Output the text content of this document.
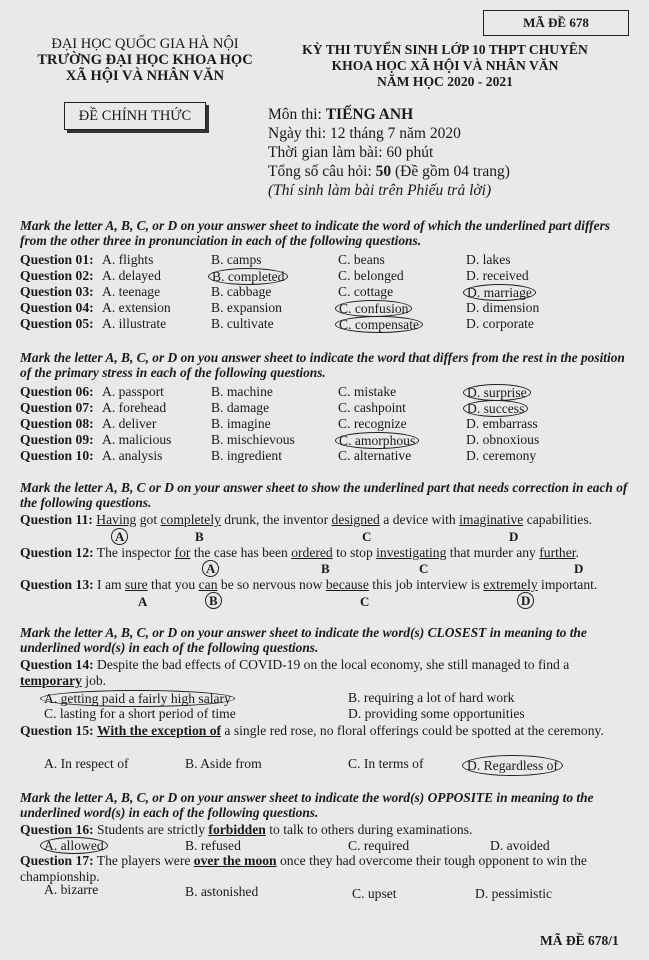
MÃ ĐỀ 678
ĐẠI HỌC QUỐC GIA HÀ NỘI
TRƯỜNG ĐẠI HỌC KHOA HỌC
XÃ HỘI VÀ NHÂN VĂN
KỲ THI TUYỂN SINH LỚP 10 THPT CHUYÊN
KHOA HỌC XÃ HỘI VÀ NHÂN VĂN
NĂM HỌC 2020 - 2021
ĐỀ CHÍNH THỨC	Môn thi: TIẾNG ANH
Ngày thi: 12 tháng 7 năm 2020
Thời gian làm bài: 60 phút
Tổng số câu hỏi: 50 (Đề gồm 04 trang)
(Thí sinh làm bài trên Phiếu trả lời)
Mark the letter A, B, C, or D on your answer sheet to indicate the word of which the underlined part differs from the other three in pronunciation in each of the following questions.
Question 01: A. flights	B. camps	C. beans	D. lakes
Question 02: A. delayed	B. completed	C. belonged	D. received
Question 03: A. teenage	B. cabbage	C. cottage	D. marriage
Question 04: A. extension	B. expansion	C. confusion	D. dimension
Question 05: A. illustrate	B. cultivate	C. compensate	D. corporate
Mark the letter A, B, C, or D on you answer sheet to indicate the word that differs from the rest in the position of the primary stress in each of the following questions.
Question 06: A. passport	B. machine	C. mistake	D. surprise
Question 07: A. forehead	B. damage	C. cashpoint	D. success
Question 08: A. deliver	B. imagine	C. recognize	D. embarrass
Question 09: A. malicious	B. mischievous	C. amorphous	D. obnoxious
Question 10: A. analysis	B. ingredient	C. alternative	D. ceremony
Mark the letter A, B, C or D on your answer sheet to show the underlined part that needs correction in each of the following questions.
Question 11: Having got completely drunk, the inventor designed a device with imaginative capabilities.
A	B	C	D
Question 12: The inspector for the case has been ordered to stop investigating that murder any further.
A	B	C	D
Question 13: I am sure that you can be so nervous now because this job interview is extremely important.
A	B	C	D
Mark the letter A, B, C, or D on your answer sheet to indicate the word(s) CLOSEST in meaning to the underlined word(s) in each of the following questions.
Question 14: Despite the bad effects of COVID-19 on the local economy, she still managed to find a temporary job.
A. getting paid a fairly high salary	B. requiring a lot of hard work
C. lasting for a short period of time	D. providing some opportunities
Question 15: With the exception of a single red rose, no floral offerings could be spotted at the ceremony.
A. In respect of	B. Aside from	C. In terms of	D. Regardless of
Mark the letter A, B, C, or D on your answer sheet to indicate the word(s) OPPOSITE in meaning to the underlined word(s) in each of the following questions.
Question 16: Students are strictly forbidden to talk to others during examinations.
A. allowed	B. refused	C. required	D. avoided
Question 17: The players were over the moon once they had overcome their tough opponent to win the championship.
A. bizarre	B. astonished	C. upset	D. pessimistic
MÃ ĐỀ 678/1
